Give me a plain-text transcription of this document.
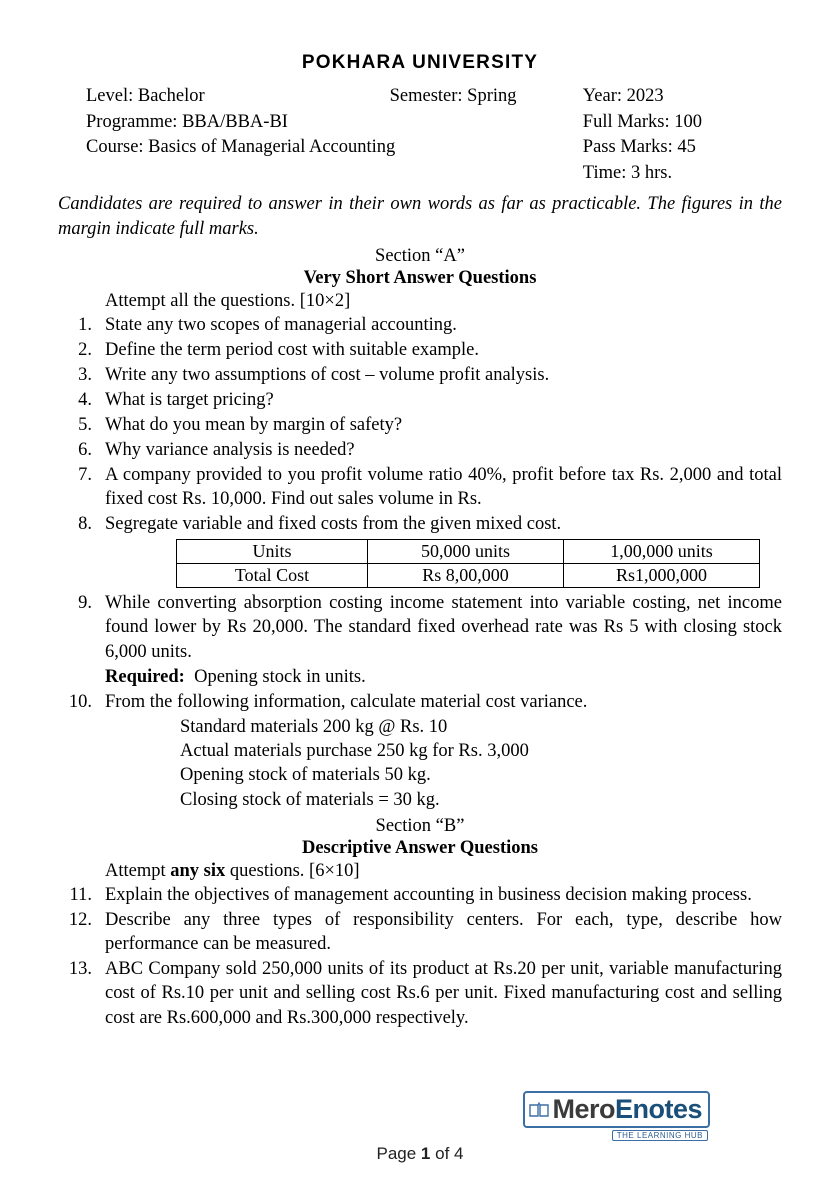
POKHARA UNIVERSITY
Level: Bachelor	Semester: Spring	Year: 2023
Programme: BBA/BBA-BI	Full Marks: 100
Course: Basics of Managerial Accounting	Pass Marks: 45
Time: 3 hrs.
Candidates are required to answer in their own words as far as practicable. The figures in the margin indicate full marks.
Section “A”
Very Short Answer Questions
Attempt all the questions. [10×2]
1. State any two scopes of managerial accounting.
2. Define the term period cost with suitable example.
3. Write any two assumptions of cost – volume profit analysis.
4. What is target pricing?
5. What do you mean by margin of safety?
6. Why variance analysis is needed?
7. A company provided to you profit volume ratio 40%, profit before tax Rs. 2,000 and total fixed cost Rs. 10,000. Find out sales volume in Rs.
8. Segregate variable and fixed costs from the given mixed cost.
Units	50,000 units	1,00,000 units
Total Cost	Rs 8,00,000	Rs1,000,000
9. While converting absorption costing income statement into variable costing, net income found lower by Rs 20,000. The standard fixed overhead rate was Rs 5 with closing stock 6,000 units.
Required: Opening stock in units.
10. From the following information, calculate material cost variance.
Standard materials 200 kg @ Rs. 10
Actual materials purchase 250 kg for Rs. 3,000
Opening stock of materials 50 kg.
Closing stock of materials = 30 kg.
Section “B”
Descriptive Answer Questions
Attempt any six questions. [6×10]
11. Explain the objectives of management accounting in business decision making process.
12. Describe any three types of responsibility centers. For each, type, describe how performance can be measured.
13. ABC Company sold 250,000 units of its product at Rs.20 per unit, variable manufacturing cost of Rs.10 per unit and selling cost Rs.6 per unit. Fixed manufacturing cost and selling cost are Rs.600,000 and Rs.300,000 respectively.
Mero Enotes
THE LEARNING HUB
Page 1 of 4
